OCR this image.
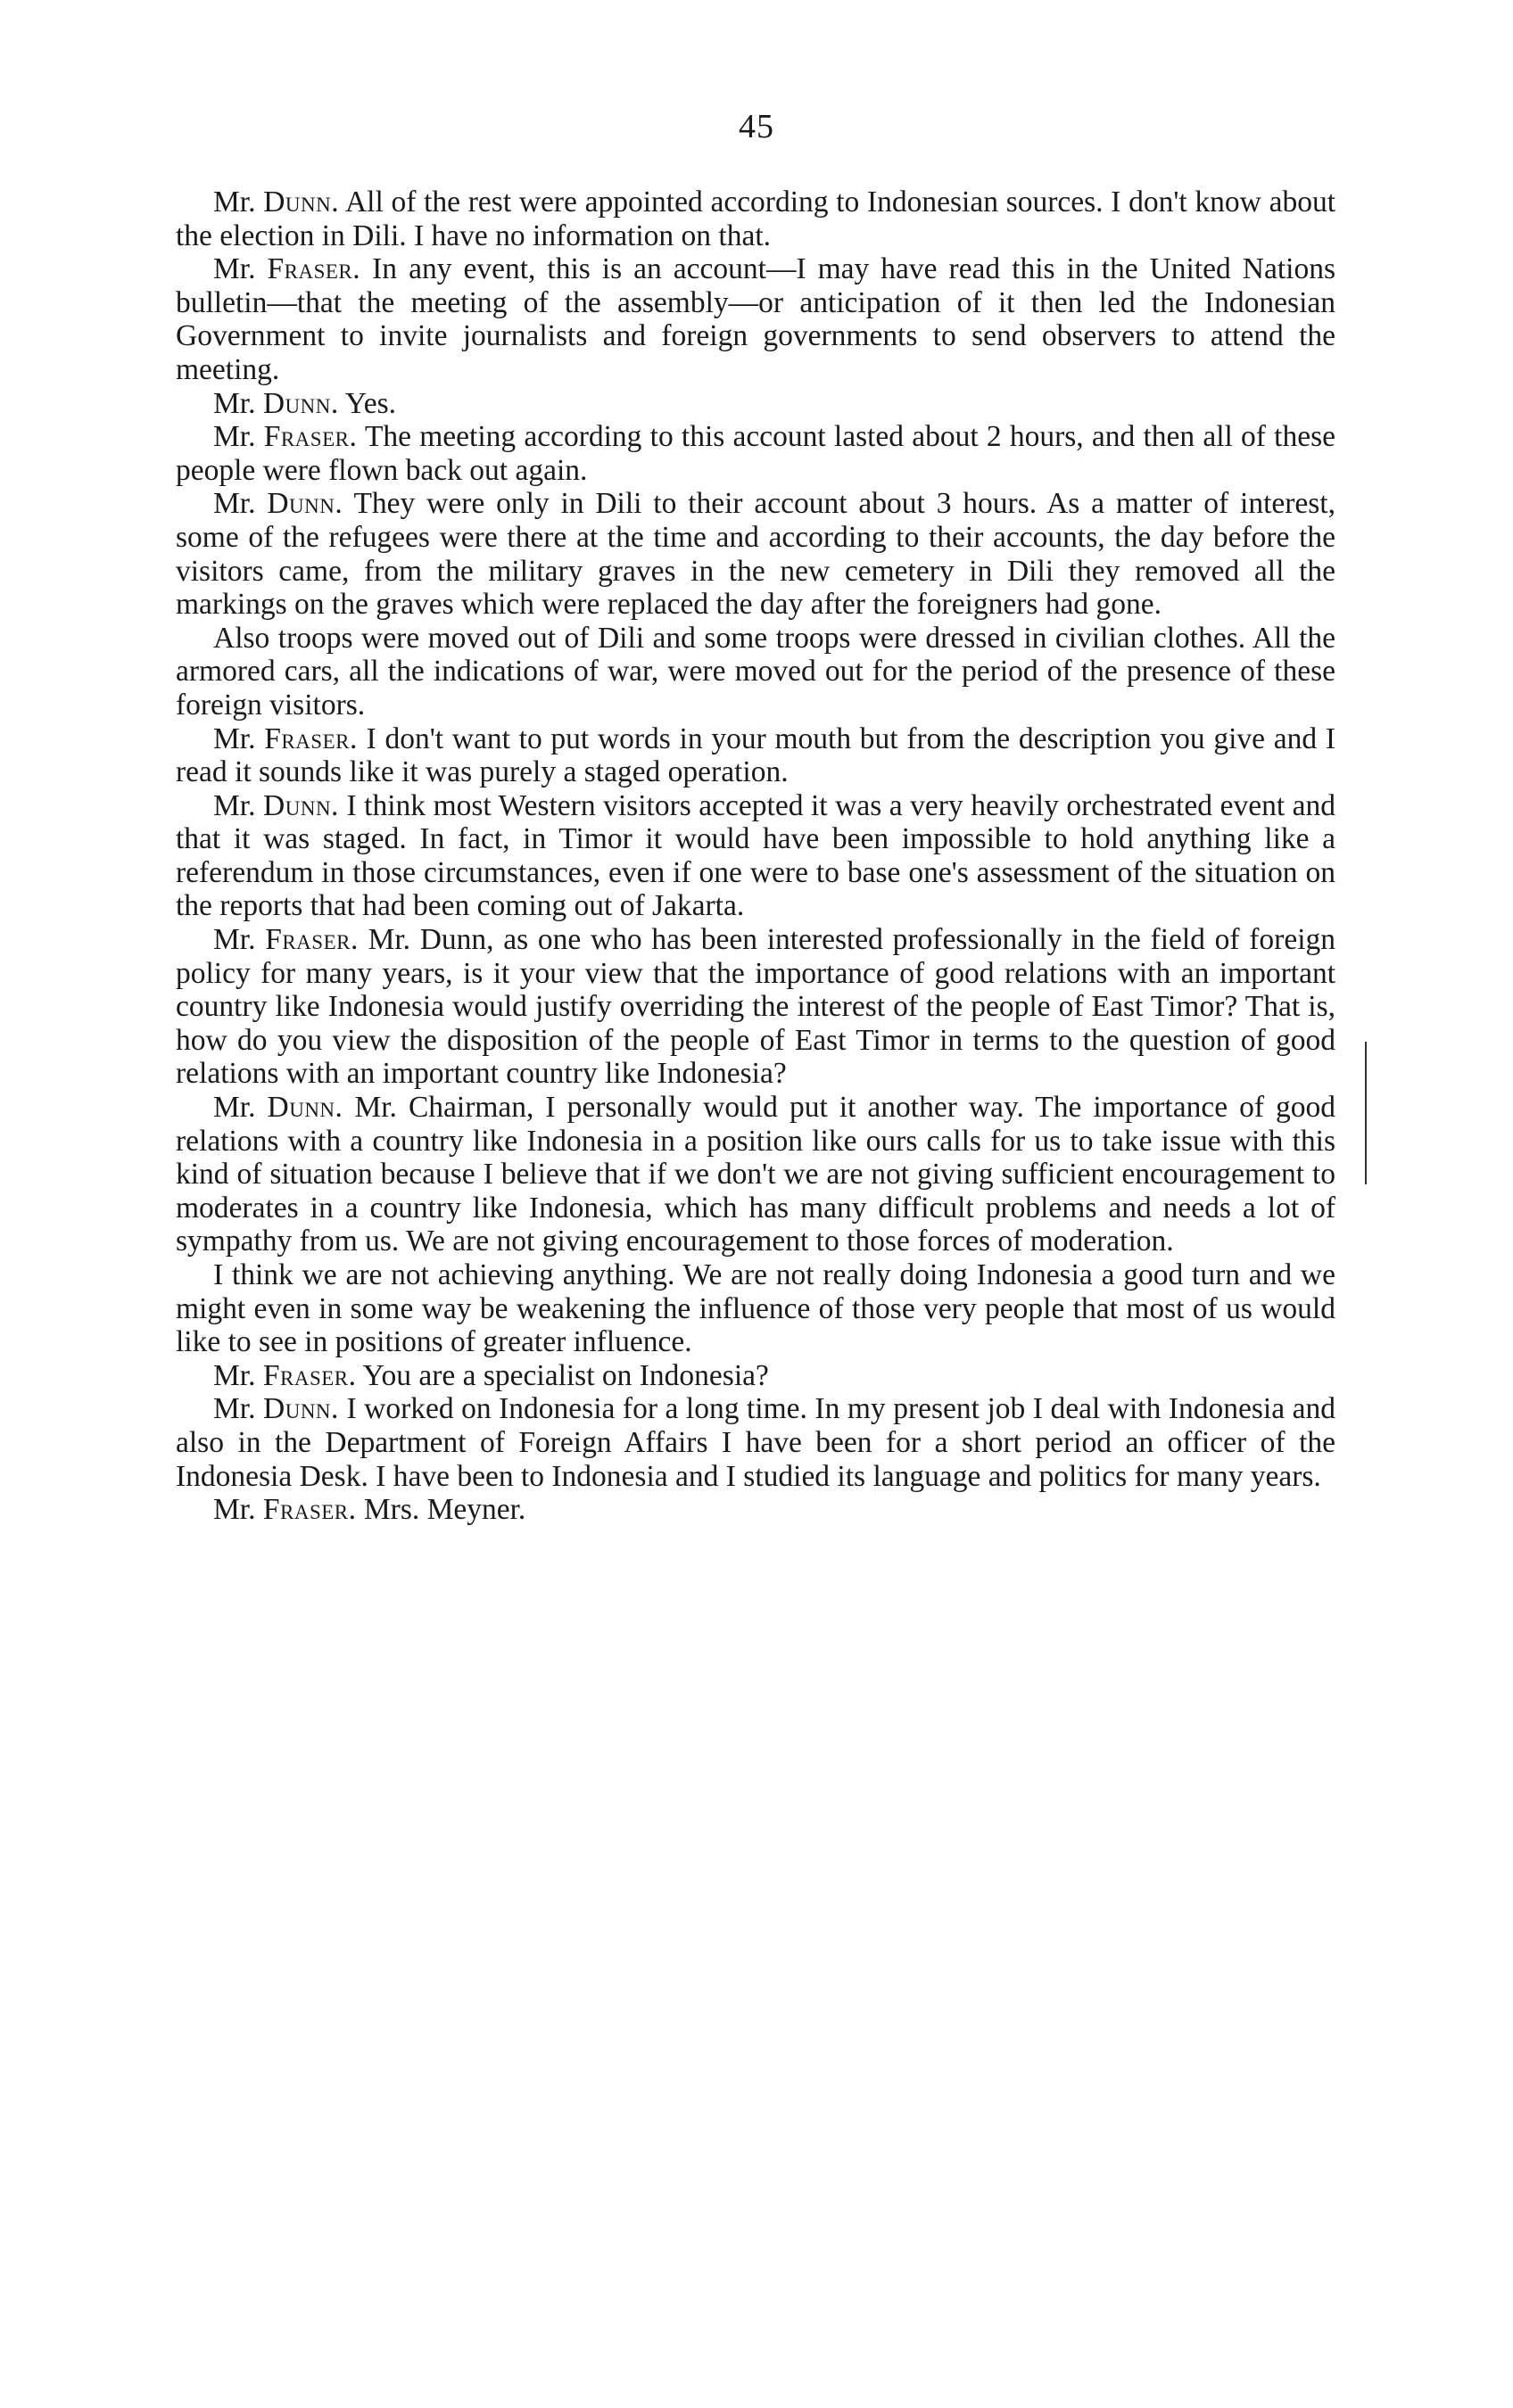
45

Mr. Dunn. All of the rest were appointed according to Indonesian sources. I don't know about the election in Dili. I have no information on that.

Mr. Fraser. In any event, this is an account—I may have read this in the United Nations bulletin—that the meeting of the assembly—or anticipation of it then led the Indonesian Government to invite journalists and foreign governments to send observers to attend the meeting.

Mr. Dunn. Yes.

Mr. Fraser. The meeting according to this account lasted about 2 hours, and then all of these people were flown back out again.

Mr. Dunn. They were only in Dili to their account about 3 hours. As a matter of interest, some of the refugees were there at the time and according to their accounts, the day before the visitors came, from the military graves in the new cemetery in Dili they removed all the markings on the graves which were replaced the day after the foreigners had gone.

Also troops were moved out of Dili and some troops were dressed in civilian clothes. All the armored cars, all the indications of war, were moved out for the period of the presence of these foreign visitors.

Mr. Fraser. I don't want to put words in your mouth but from the description you give and I read it sounds like it was purely a staged operation.

Mr. Dunn. I think most Western visitors accepted it was a very heavily orchestrated event and that it was staged. In fact, in Timor it would have been impossible to hold anything like a referendum in those circumstances, even if one were to base one's assessment of the situation on the reports that had been coming out of Jakarta.

Mr. Fraser. Mr. Dunn, as one who has been interested professionally in the field of foreign policy for many years, is it your view that the importance of good relations with an important country like Indonesia would justify overriding the interest of the people of East Timor? That is, how do you view the disposition of the people of East Timor in terms to the question of good relations with an important country like Indonesia?

Mr. Dunn. Mr. Chairman, I personally would put it another way. The importance of good relations with a country like Indonesia in a position like ours calls for us to take issue with this kind of situation because I believe that if we don't we are not giving sufficient encouragement to moderates in a country like Indonesia, which has many difficult problems and needs a lot of sympathy from us. We are not giving encouragement to those forces of moderation.

I think we are not achieving anything. We are not really doing Indonesia a good turn and we might even in some way be weakening the influence of those very people that most of us would like to see in positions of greater influence.

Mr. Fraser. You are a specialist on Indonesia?

Mr. Dunn. I worked on Indonesia for a long time. In my present job I deal with Indonesia and also in the Department of Foreign Affairs I have been for a short period an officer of the Indonesia Desk. I have been to Indonesia and I studied its language and politics for many years.

Mr. Fraser. Mrs. Meyner.
